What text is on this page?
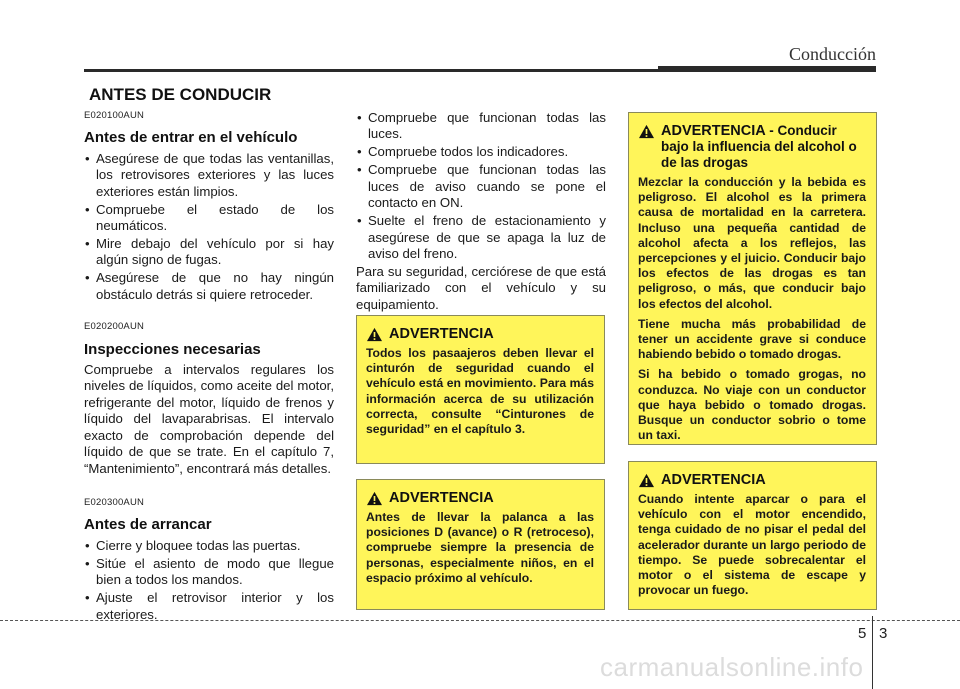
Conducción
ANTES DE CONDUCIR

E020100AUN

Antes de entrar en el vehículo

• Asegúrese de que todas las ventanillas, los retrovisores exteriores y las luces exteriores están limpios.
• Compruebe el estado de los neumáticos.
• Mire debajo del vehículo por si hay algún signo de fugas.
• Asegúrese de que no hay ningún obstáculo detrás si quiere retroceder.

E020200AUN

Inspecciones necesarias

Compruebe a intervalos regulares los niveles de líquidos, como aceite del motor, refrigerante del motor, líquido de frenos y líquido del lavaparabrisas. El intervalo exacto de comprobación depende del líquido de que se trate. En el capítulo 7, “Mantenimiento”, encontrará más detalles.

E020300AUN

Antes de arrancar

• Cierre y bloquee todas las puertas.
• Sitúe el asiento de modo que llegue bien a todos los mandos.
• Ajuste el retrovisor interior y los exteriores.
• Compruebe que funcionan todas las luces.
• Compruebe todos los indicadores.
• Compruebe que funcionan todas las luces de aviso cuando se pone el contacto en ON.
• Suelte el freno de estacionamiento y asegúrese de que se apaga la luz de aviso del freno.

Para su seguridad, cerciórese de que está familiarizado con el vehículo y su equipamiento.

ADVERTENCIA

Todos los pasaajeros deben llevar el cinturón de seguridad cuando el vehículo está en movimiento. Para más información acerca de su utilización correcta, consulte “Cinturones de seguridad” en el capítulo 3.

ADVERTENCIA

Antes de llevar la palanca a las posiciones D (avance) o R (retroceso), compruebe siempre la presencia de personas, especialmente niños, en el espacio próximo al vehículo.

ADVERTENCIA - Conducir bajo la influencia del alcohol o de las drogas

Mezclar la conducción y la bebida es peligroso. El alcohol es la primera causa de mortalidad en la carretera. Incluso una pequeña cantidad de alcohol afecta a los reflejos, las percepciones y el juicio. Conducir bajo los efectos de las drogas es tan peligroso, o más, que conducir bajo los efectos del alcohol.

Tiene mucha más probabilidad de tener un accidente grave si conduce habiendo bebido o tomado drogas.

Si ha bebido o tomado grogas, no conduzca. No viaje con un conductor que haya bebido o tomado drogas. Busque un conductor sobrio o tome un taxi.

ADVERTENCIA

Cuando intente aparcar o para el vehículo con el motor encendido, tenga cuidado de no pisar el pedal del acelerador durante un largo periodo de tiempo. Se puede sobrecalentar el motor o el sistema de escape y provocar un fuego.

5 3
carmanualsonline.info
